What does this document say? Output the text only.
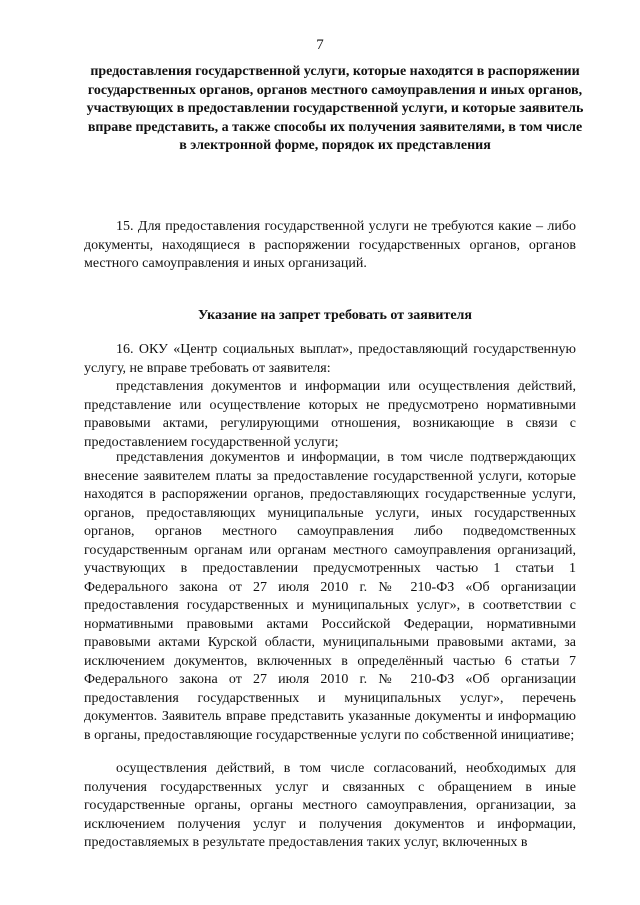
7
предоставления государственной услуги, которые находятся в распоряжении государственных органов, органов местного самоуправления и иных органов, участвующих в предоставлении государственной услуги, и которые заявитель вправе представить, а также способы их получения заявителями, в том числе в электронной форме, порядок их представления

15. Для предоставления государственной услуги не требуются какие – либо документы, находящиеся в распоряжении государственных органов, органов местного самоуправления и иных организаций.

Указание на запрет требовать от заявителя

16. ОКУ «Центр социальных выплат», предоставляющий государственную услугу, не вправе требовать от заявителя:

представления документов и информации или осуществления действий, представление или осуществление которых не предусмотрено нормативными правовыми актами, регулирующими отношения, возникающие в связи с предоставлением государственной услуги;

представления документов и информации, в том числе подтверждающих внесение заявителем платы за предоставление государственной услуги, которые находятся в распоряжении органов, предоставляющих государственные услуги, органов, предоставляющих муниципальные услуги, иных государственных органов, органов местного самоуправления либо подведомственных государственным органам или органам местного самоуправления организаций, участвующих в предоставлении предусмотренных частью 1 статьи 1 Федерального закона от 27 июля 2010 г. № 210-ФЗ «Об организации предоставления государственных и муниципальных услуг», в соответствии с нормативными правовыми актами Российской Федерации, нормативными правовыми актами Курской области, муниципальными правовыми актами, за исключением документов, включенных в определённый частью 6 статьи 7 Федерального закона от 27 июля 2010 г. № 210-ФЗ «Об организации предоставления государственных и муниципальных услуг», перечень документов. Заявитель вправе представить указанные документы и информацию в органы, предоставляющие государственные услуги по собственной инициативе;

осуществления действий, в том числе согласований, необходимых для получения государственных услуг и связанных с обращением в иные государственные органы, органы местного самоуправления, организации, за исключением получения услуг и получения документов и информации, предоставляемых в результате предоставления таких услуг, включенных в
